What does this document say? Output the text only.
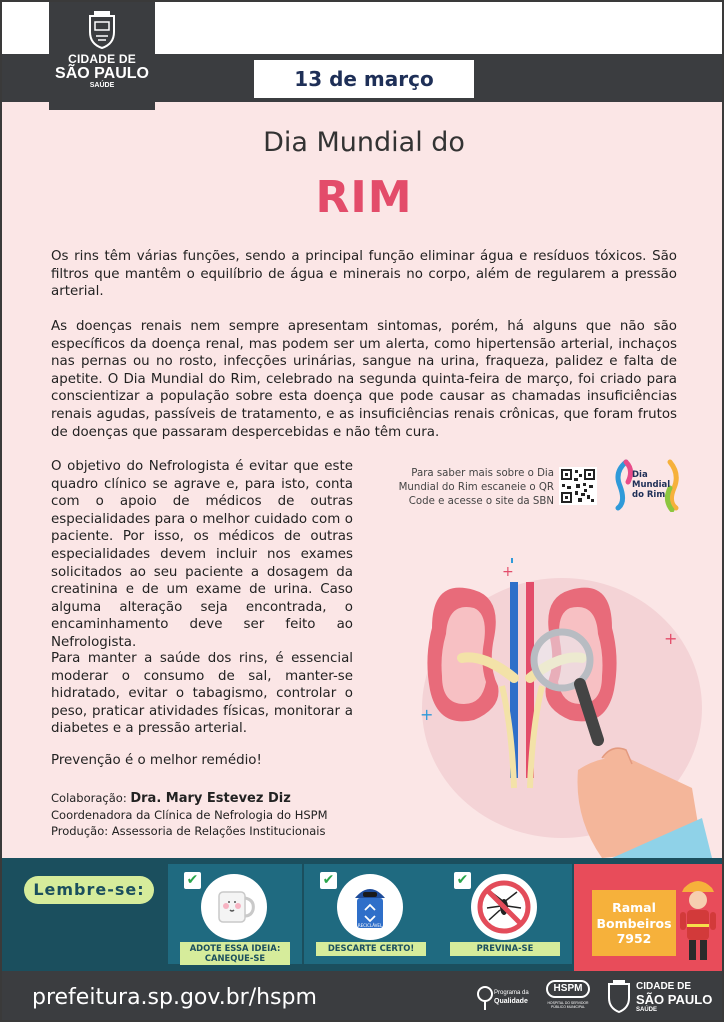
CIDADE DE
SÃO PAULO
SAÚDE	13 de março
Dia Mundial do
RIM

Os rins têm várias funções, sendo a principal função eliminar água e resíduos tóxicos. São filtros que mantêm o equilíbrio de água e minerais no corpo, além de regularem a pressão arterial.

As doenças renais nem sempre apresentam sintomas, porém, há alguns que não são específicos da doença renal, mas podem ser um alerta, como hipertensão arterial, inchaços nas pernas ou no rosto, infecções urinárias, sangue na urina, fraqueza, palidez e falta de apetite. O Dia Mundial do Rim, celebrado na segunda quinta-feira de março, foi criado para conscientizar a população sobre esta doença que pode causar as chamadas insuficiências renais agudas, passíveis de tratamento, e as insuficiências renais crônicas, que foram frutos de doenças que passaram despercebidas e não têm cura.

O objetivo do Nefrologista é evitar que este quadro clínico se agrave e, para isto, conta com o apoio de médicos de outras especialidades para o melhor cuidado com o paciente. Por isso, os médicos de outras especialidades devem incluir nos exames solicitados ao seu paciente a dosagem da creatinina e de um exame de urina. Caso alguma alteração seja encontrada, o encaminhamento deve ser feito ao Nefrologista.

Para manter a saúde dos rins, é essencial moderar o consumo de sal, manter-se hidratado, evitar o tabagismo, controlar o peso, praticar atividades físicas, monitorar a diabetes e a pressão arterial.

Prevenção é o melhor remédio!

Colaboração: Dra. Mary Estevez Diz
Coordenadora da Clínica de Nefrologia do HSPM
Produção: Assessoria de Relações Institucionais
Para saber mais sobre o Dia Mundial do Rim escaneie o QR Code e acesse o site da SBN
Dia
Mundial
do Rim
+
+
+
Lembre-se:	✔
ADOTE ESSA IDEIA: CANEQUE-SE
✔
RECICLÁVEL
DESCARTE CERTO!
✔
PREVINA-SE
Ramal
Bombeiros
7952
prefeitura.sp.gov.br/hspm	Programa da
Qualidade
HSPM
HOSPITAL DO SERVIDOR PÚBLICO MUNICIPAL
CIDADE DE
SÃO PAULO
SAÚDE
